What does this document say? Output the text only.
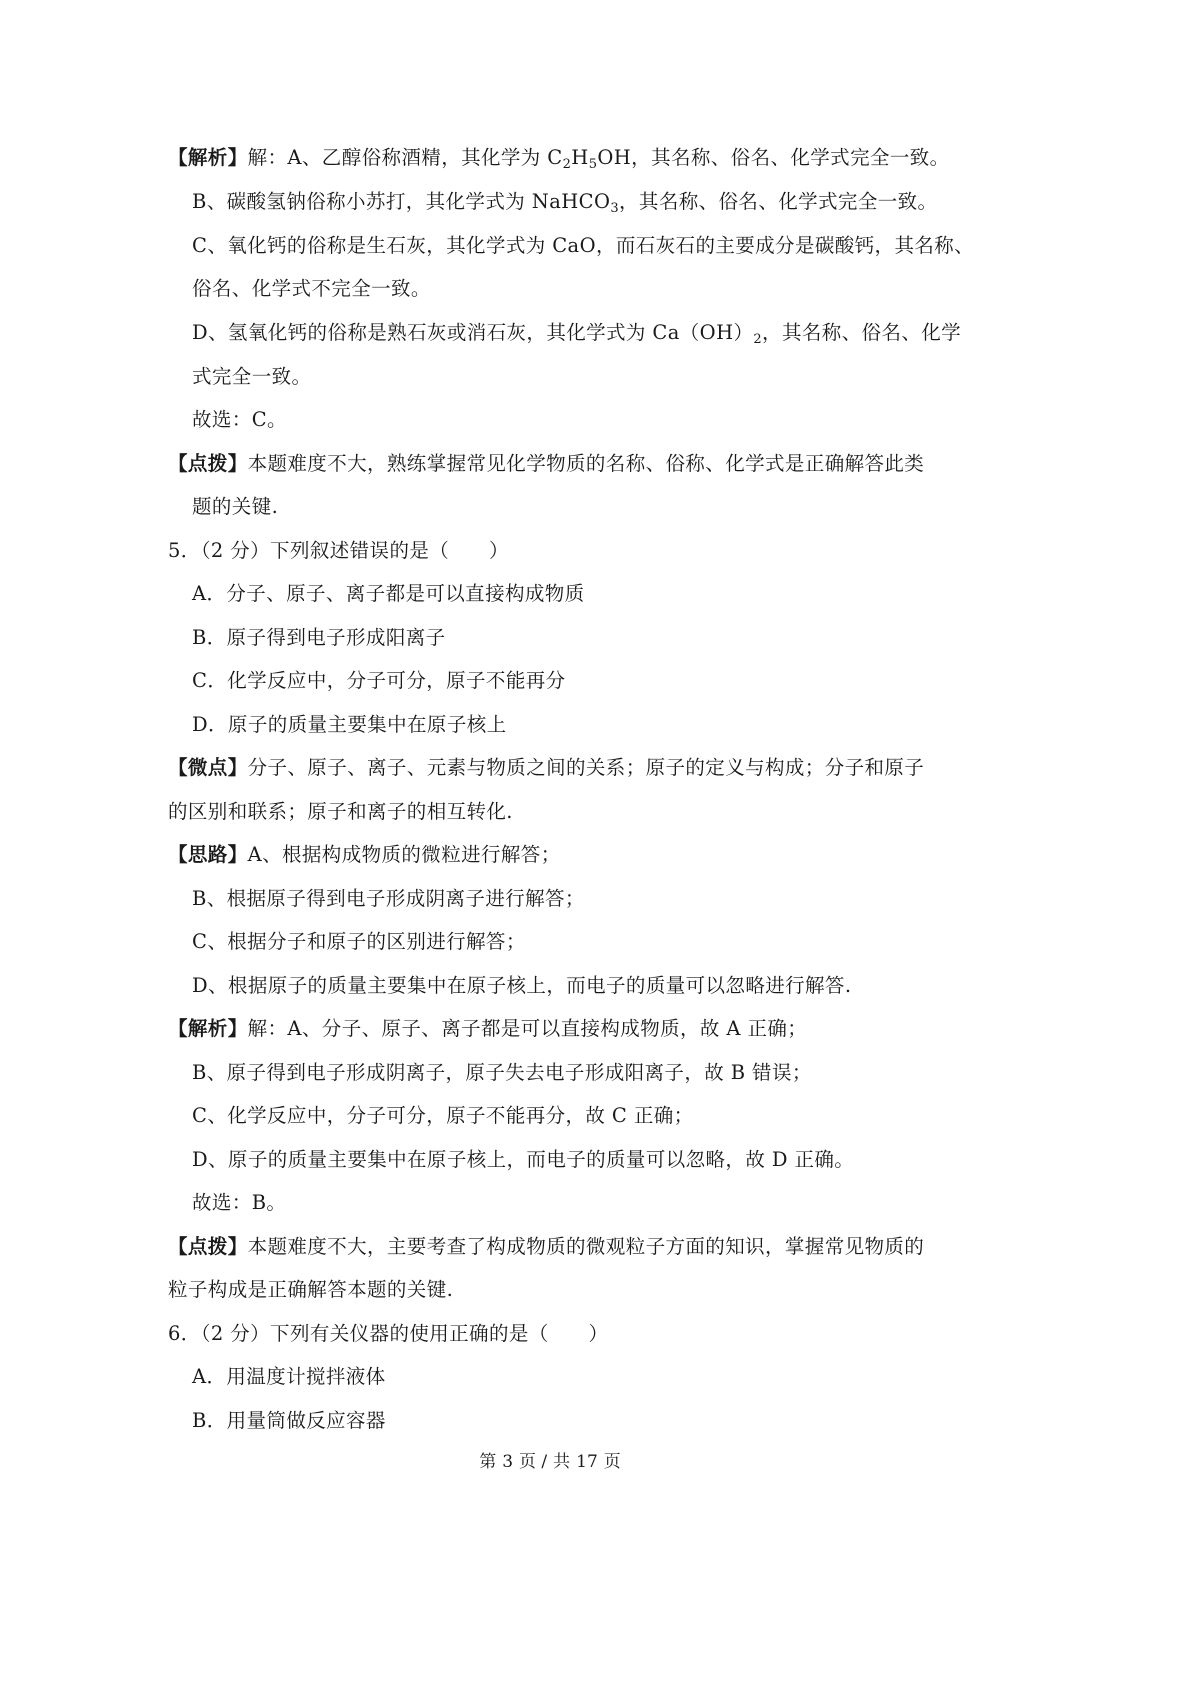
【解析】解：A、乙醇俗称酒精，其化学为 $C_2H_5OH$，其名称、俗名、化学式完全一致。
B、碳酸氢钠俗称小苏打，其化学式为 NaHCO$_3$，其名称、俗名、化学式完全一致。
C、氧化钙的俗称是生石灰，其化学式为 CaO，而石灰石的主要成分是碳酸钙，其名称、
俗名、化学式不完全一致。
D、氢氧化钙的俗称是熟石灰或消石灰，其化学式为 $Ca(OH)_2$，其名称、俗名、化学
式完全一致。
故选：C。
【点拨】本题难度不大，熟练掌握常见化学物质的名称、俗称、化学式是正确解答此类
题的关键.
5．（2 分）下列叙述错误的是（　　）
A．分子、原子、离子都是可以直接构成物质
B．原子得到电子形成阳离子
C．化学反应中，分子可分，原子不能再分
D．原子的质量主要集中在原子核上
【微点】分子、原子、离子、元素与物质之间的关系；原子的定义与构成；分子和原子
的区别和联系；原子和离子的相互转化.
【思路】A、根据构成物质的微粒进行解答；
B、根据原子得到电子形成阴离子进行解答；
C、根据分子和原子的区别进行解答；
D、根据原子的质量主要集中在原子核上，而电子的质量可以忽略进行解答.
【解析】解：A、分子、原子、离子都是可以直接构成物质，故 A 正确；
B、原子得到电子形成阴离子，原子失去电子形成阳离子，故 B 错误；
C、化学反应中，分子可分，原子不能再分，故 C 正确；
D、原子的质量主要集中在原子核上，而电子的质量可以忽略，故 D 正确。
故选：B。
【点拨】本题难度不大，主要考查了构成物质的微观粒子方面的知识，掌握常见物质的
粒子构成是正确解答本题的关键.
6．（2 分）下列有关仪器的使用正确的是（　　）
A．用温度计搅拌液体
B．用量筒做反应容器
第 3 页 / 共 17 页
